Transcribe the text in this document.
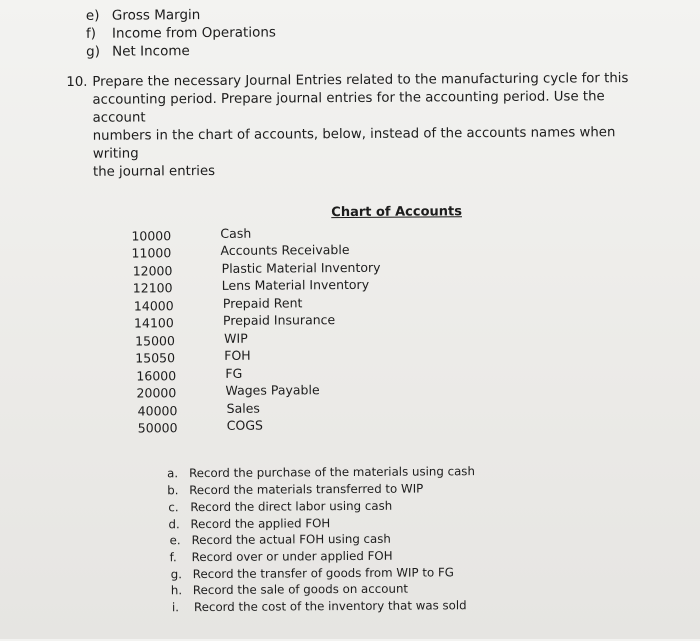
e) Gross Margin
f) Income from Operations
g) Net Income
10. Prepare the necessary Journal Entries related to the manufacturing cycle for this
accounting period. Prepare journal entries for the accounting period. Use the account
numbers in the chart of accounts, below, instead of the accounts names when writing
the journal entries
Chart of Accounts
10000	Cash
11000	Accounts Receivable
12000	Plastic Material Inventory
12100	Lens Material Inventory
14000	Prepaid Rent
14100	Prepaid Insurance
15000	WIP
15050	FOH
16000	FG
20000	Wages Payable
40000	Sales
50000	COGS
a. Record the purchase of the materials using cash
b. Record the materials transferred to WIP
c. Record the direct labor using cash
d. Record the applied FOH
e. Record the actual FOH using cash
f. Record over or under applied FOH
g. Record the transfer of goods from WIP to FG
h. Record the sale of goods on account
i. Record the cost of the inventory that was sold
